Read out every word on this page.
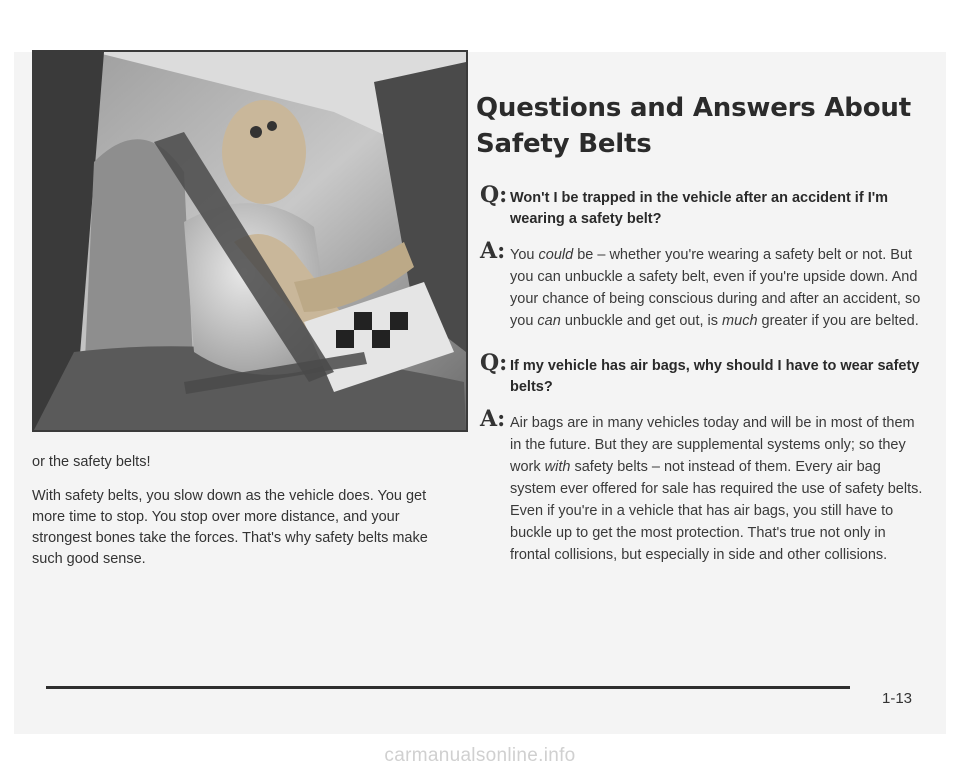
or the safety belts!

With safety belts, you slow down as the vehicle does. You get more time to stop. You stop over more distance, and your strongest bones take the forces. That's why safety belts make such good sense.

Questions and Answers About Safety Belts
Q: Won't I be trapped in the vehicle after an accident if I'm wearing a safety belt?
A: You could be – whether you're wearing a safety belt or not. But you can unbuckle a safety belt, even if you're upside down. And your chance of being conscious during and after an accident, so you can unbuckle and get out, is much greater if you are belted.
Q: If my vehicle has air bags, why should I have to wear safety belts?
A: Air bags are in many vehicles today and will be in most of them in the future. But they are supplemental systems only; so they work with safety belts – not instead of them. Every air bag system ever offered for sale has required the use of safety belts. Even if you're in a vehicle that has air bags, you still have to buckle up to get the most protection. That's true not only in frontal collisions, but especially in side and other collisions.
1-13
carmanualsonline.info
